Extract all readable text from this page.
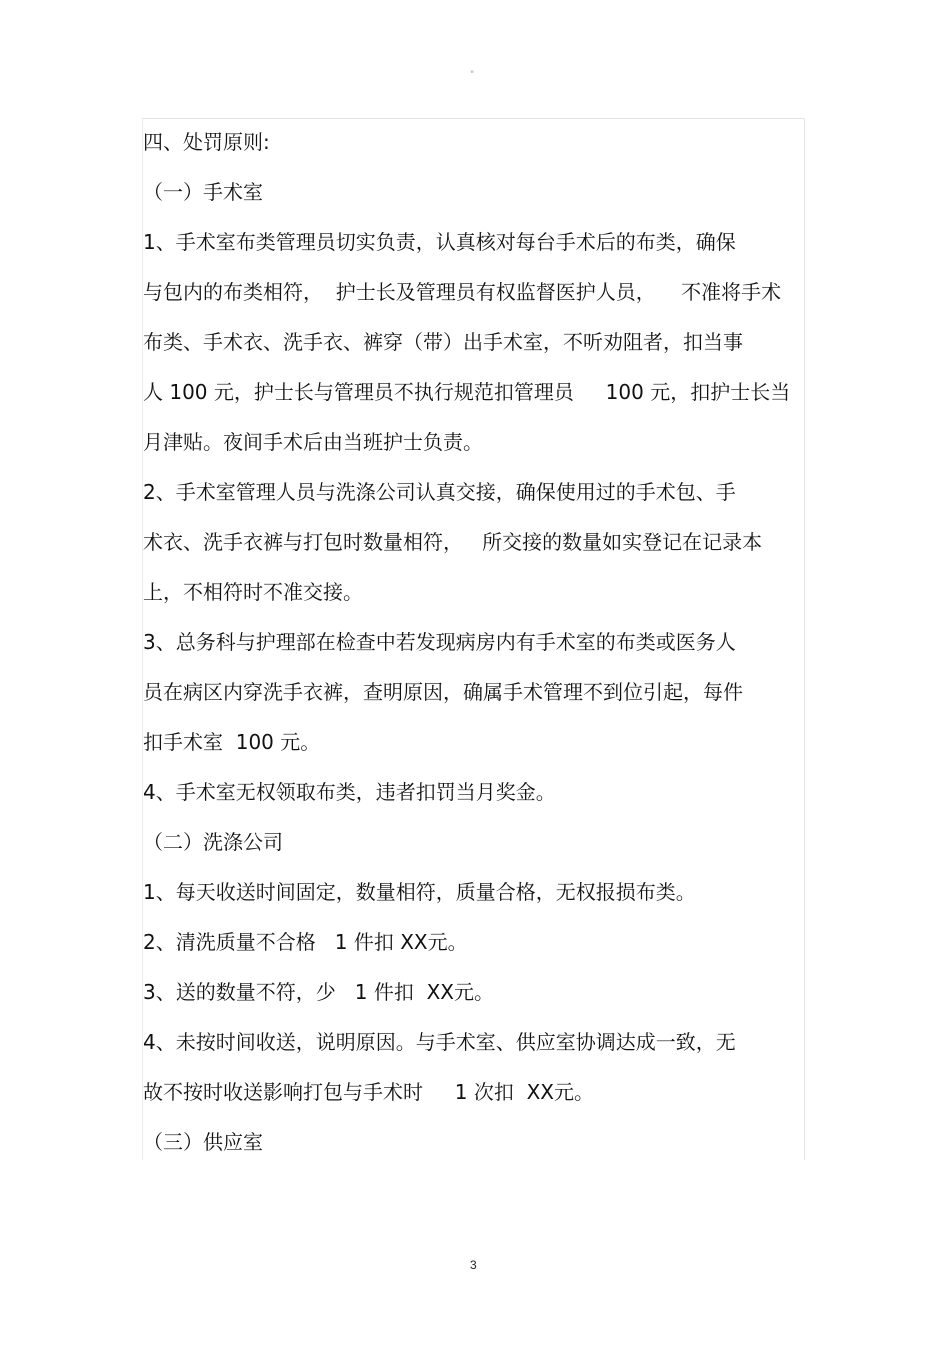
"
四、处罚原则:
（一）手术室
1、手术室布类管理员切实负责，认真核对每台手术后的布类，确保
与包内的布类相符，  护士长及管理员有权监督医护人员，    不准将手术
布类、手术衣、洗手衣、裤穿（带）出手术室，不听劝阻者，扣当事
人 100 元，护士长与管理员不执行规范扣管理员     100 元，扣护士长当
月津贴。夜间手术后由当班护士负责。
2、手术室管理人员与洗涤公司认真交接，确保使用过的手术包、手
术衣、洗手衣裤与打包时数量相符，   所交接的数量如实登记在记录本
上，不相符时不准交接。
3、总务科与护理部在检查中若发现病房内有手术室的布类或医务人
员在病区内穿洗手衣裤，查明原因，确属手术管理不到位引起，每件
扣手术室  100 元。
4、手术室无权领取布类，违者扣罚当月奖金。
（二）洗涤公司
1、每天收送时间固定，数量相符，质量合格，无权报损布类。
2、清洗质量不合格   1 件扣 XX元。
3、送的数量不符，少   1 件扣  XX元。
4、未按时间收送，说明原因。与手术室、供应室协调达成一致，无
故不按时收送影响打包与手术时     1 次扣  XX元。
（三）供应室
3
